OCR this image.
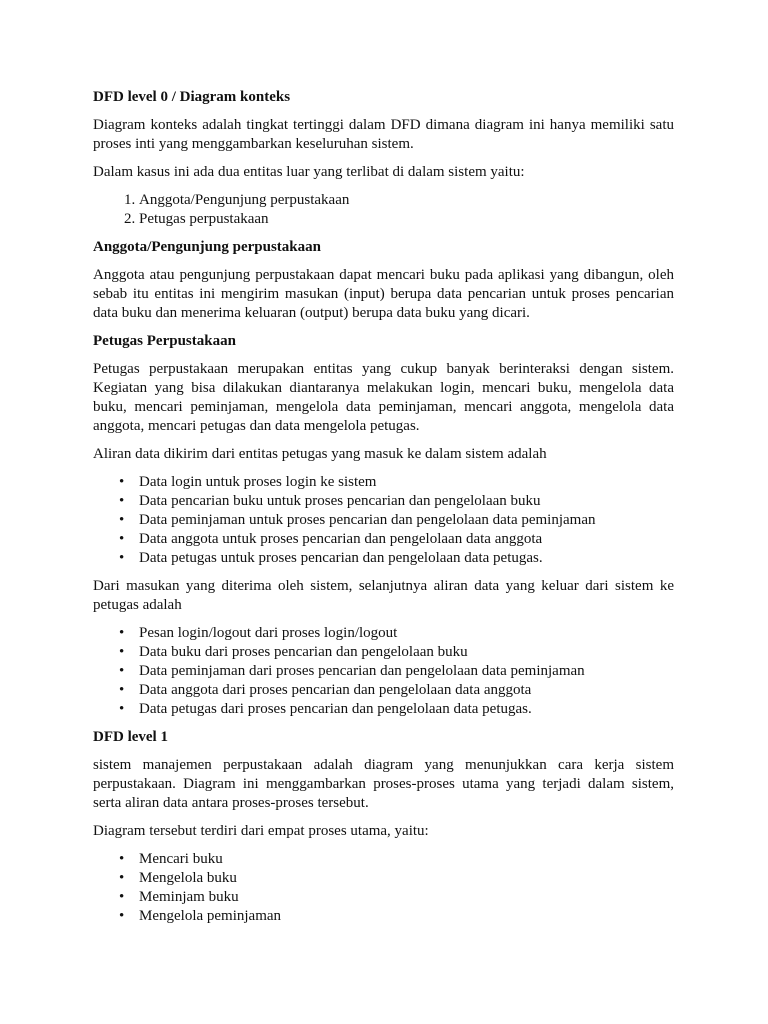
DFD level 0 / Diagram konteks

Diagram konteks adalah tingkat tertinggi dalam DFD dimana diagram ini hanya memiliki satu proses inti yang menggambarkan keseluruhan sistem.

Dalam kasus ini ada dua entitas luar yang terlibat di dalam sistem yaitu:

1. Anggota/Pengunjung perpustakaan
2. Petugas perpustakaan
Anggota/Pengunjung perpustakaan

Anggota atau pengunjung perpustakaan dapat mencari buku pada aplikasi yang dibangun, oleh sebab itu entitas ini mengirim masukan (input) berupa data pencarian untuk proses pencarian data buku dan menerima keluaran (output) berupa data buku yang dicari.

Petugas Perpustakaan

Petugas perpustakaan merupakan entitas yang cukup banyak berinteraksi dengan sistem. Kegiatan yang bisa dilakukan diantaranya melakukan login, mencari buku, mengelola data buku, mencari peminjaman, mengelola data peminjaman, mencari anggota, mengelola data anggota, mencari petugas dan data mengelola petugas.

Aliran data dikirim dari entitas petugas yang masuk ke dalam sistem adalah

• Data login untuk proses login ke sistem
• Data pencarian buku untuk proses pencarian dan pengelolaan buku
• Data peminjaman untuk proses pencarian dan pengelolaan data peminjaman
• Data anggota untuk proses pencarian dan pengelolaan data anggota
• Data petugas untuk proses pencarian dan pengelolaan data petugas.

Dari masukan yang diterima oleh sistem, selanjutnya aliran data yang keluar dari sistem ke petugas adalah

• Pesan login/logout dari proses login/logout
• Data buku dari proses pencarian dan pengelolaan buku
• Data peminjaman dari proses pencarian dan pengelolaan data peminjaman
• Data anggota dari proses pencarian dan pengelolaan data anggota
• Data petugas dari proses pencarian dan pengelolaan data petugas.
DFD level 1

sistem manajemen perpustakaan adalah diagram yang menunjukkan cara kerja sistem perpustakaan. Diagram ini menggambarkan proses-proses utama yang terjadi dalam sistem, serta aliran data antara proses-proses tersebut.

Diagram tersebut terdiri dari empat proses utama, yaitu:

• Mencari buku
• Mengelola buku
• Meminjam buku
• Mengelola peminjaman
